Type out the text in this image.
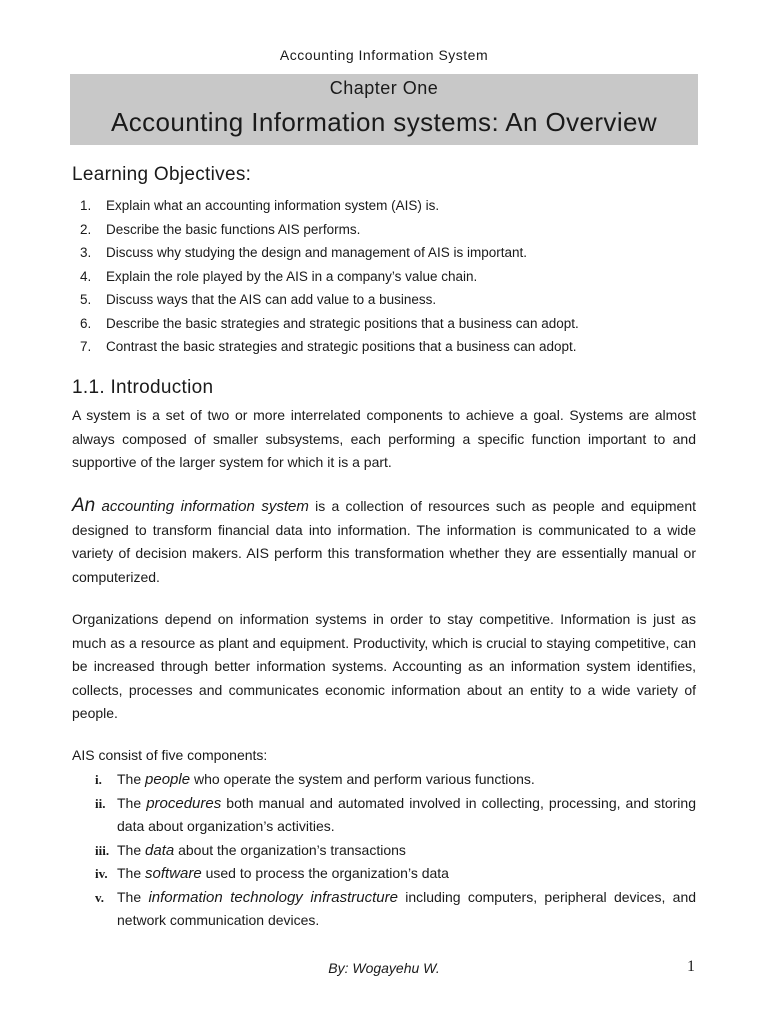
Accounting Information System
Chapter One
Accounting Information systems: An Overview
Learning Objectives:
1. Explain what an accounting information system (AIS) is.
2. Describe the basic functions AIS performs.
3. Discuss why studying the design and management of AIS is important.
4. Explain the role played by the AIS in a company’s value chain.
5. Discuss ways that the AIS can add value to a business.
6. Describe the basic strategies and strategic positions that a business can adopt.
7. Contrast the basic strategies and strategic positions that a business can adopt.
1.1. Introduction

A system is a set of two or more interrelated components to achieve a goal. Systems are almost always composed of smaller subsystems, each performing a specific function important to and supportive of the larger system for which it is a part.

An accounting information system is a collection of resources such as people and equipment designed to transform financial data into information. The information is communicated to a wide variety of decision makers. AIS perform this transformation whether they are essentially manual or computerized.

Organizations depend on information systems in order to stay competitive. Information is just as much as a resource as plant and equipment. Productivity, which is crucial to staying competitive, can be increased through better information systems. Accounting as an information system identifies, collects, processes and communicates economic information about an entity to a wide variety of people.

AIS consist of five components:

i. The people who operate the system and perform various functions.
ii. The procedures both manual and automated involved in collecting, processing, and storing data about organization’s activities.
iii. The data about the organization’s transactions
iv. The software used to process the organization’s data
v. The information technology infrastructure including computers, peripheral devices, and network communication devices.
By: Wogayehu W.	1
